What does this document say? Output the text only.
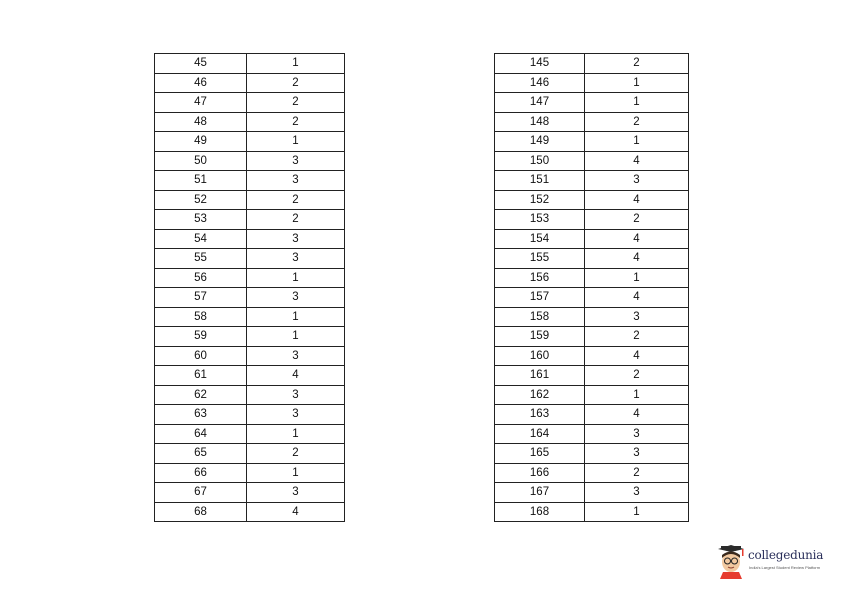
45	1
46	2
47	2
48	2
49	1
50	3
51	3
52	2
53	2
54	3
55	3
56	1
57	3
58	1
59	1
60	3
61	4
62	3
63	3
64	1
65	2
66	1
67	3
68	4
145	2
146	1
147	1
148	2
149	1
150	4
151	3
152	4
153	2
154	4
155	4
156	1
157	4
158	3
159	2
160	4
161	2
162	1
163	4
164	3
165	3
166	2
167	3
168	1
collegedunia
India's Largest Student Review Platform
